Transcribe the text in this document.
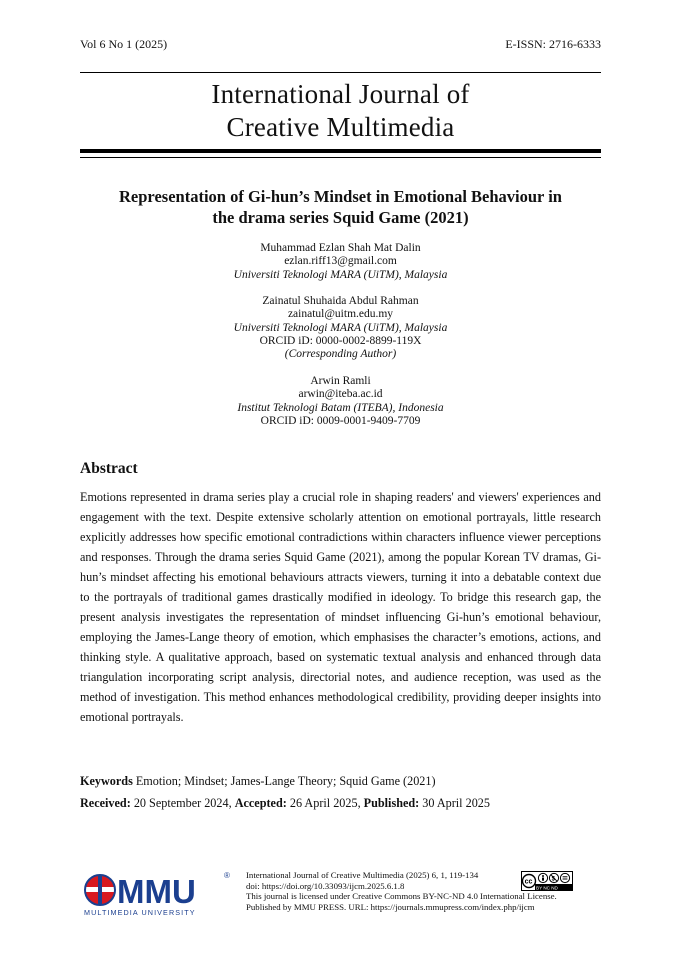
Vol 6 No 1 (2025)	E-ISSN: 2716-6333
International Journal of
Creative Multimedia
Representation of Gi-hun’s Mindset in Emotional Behaviour in
the drama series Squid Game (2021)
Muhammad Ezlan Shah Mat Dalin
ezlan.riff13@gmail.com
Universiti Teknologi MARA (UiTM), Malaysia
Zainatul Shuhaida Abdul Rahman
zainatul@uitm.edu.my
Universiti Teknologi MARA (UiTM), Malaysia
ORCID iD: 0000-0002-8899-119X
(Corresponding Author)
Arwin Ramli
arwin@iteba.ac.id
Institut Teknologi Batam (ITEBA), Indonesia
ORCID iD: 0009-0001-9409-7709
Abstract

Emotions represented in drama series play a crucial role in shaping readers' and viewers' experiences and engagement with the text. Despite extensive scholarly attention on emotional portrayals, little research explicitly addresses how specific emotional contradictions within characters influence viewer perceptions and responses. Through the drama series Squid Game (2021), among the popular Korean TV dramas, Gi-hun’s mindset affecting his emotional behaviours attracts viewers, turning it into a debatable context due to the portrayals of traditional games drastically modified in ideology. To bridge this research gap, the present analysis investigates the representation of mindset influencing Gi-hun’s emotional behaviour, employing the James-Lange theory of emotion, which emphasises the character’s emotions, actions, and thinking style. A qualitative approach, based on systematic textual analysis and enhanced through data triangulation incorporating script analysis, directorial notes, and audience reception, was used as the method of investigation. This method enhances methodological credibility, providing deeper insights into emotional portrayals.

Keywords Emotion; Mindset; James-Lange Theory; Squid Game (2021)
Received: 20 September 2024, Accepted: 26 April 2025, Published: 30 April 2025
MMU	®
MULTIMEDIA UNIVERSITY
International Journal of Creative Multimedia (2025) 6, 1, 119-134
doi: https://doi.org/10.33093/ijcm.2025.6.1.8
This journal is licensed under Creative Commons BY-NC-ND 4.0 International License.
Published by MMU PRESS. URL: https://journals.mmupress.com/index.php/ijcm
cc	$
BY NC ND
